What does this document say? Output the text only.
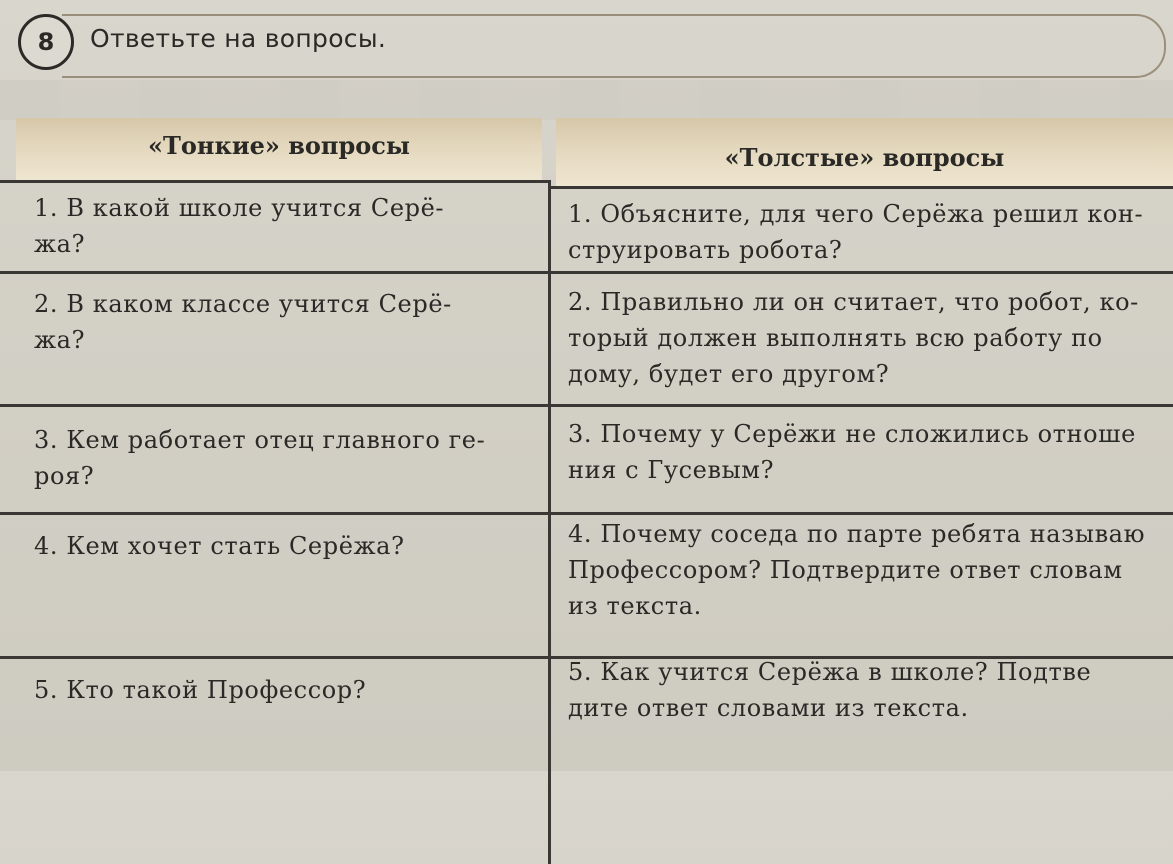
8 Ответьте на вопросы.
«Тонкие» вопросы	«Толстые» вопросы
1. В какой школе учится Серё-
жа?
1. Объясните, для чего Серёжа решил кон-
струировать робота?
2. В каком классе учится Серё-
жа?
2. Правильно ли он считает, что робот, ко-
торый должен выполнять всю работу по
дому, будет его другом?
3. Кем работает отец главного ге-
роя?
3. Почему у Серёжи не сложились отноше
ния с Гусевым?
4. Кем хочет стать Серёжа?	4. Почему соседа по парте ребята называю
Профессором? Подтвердите ответ словам
из текста.
5. Кто такой Профессор?
5. Как учится Серёжа в школе? Подтве
дите ответ словами из текста.
